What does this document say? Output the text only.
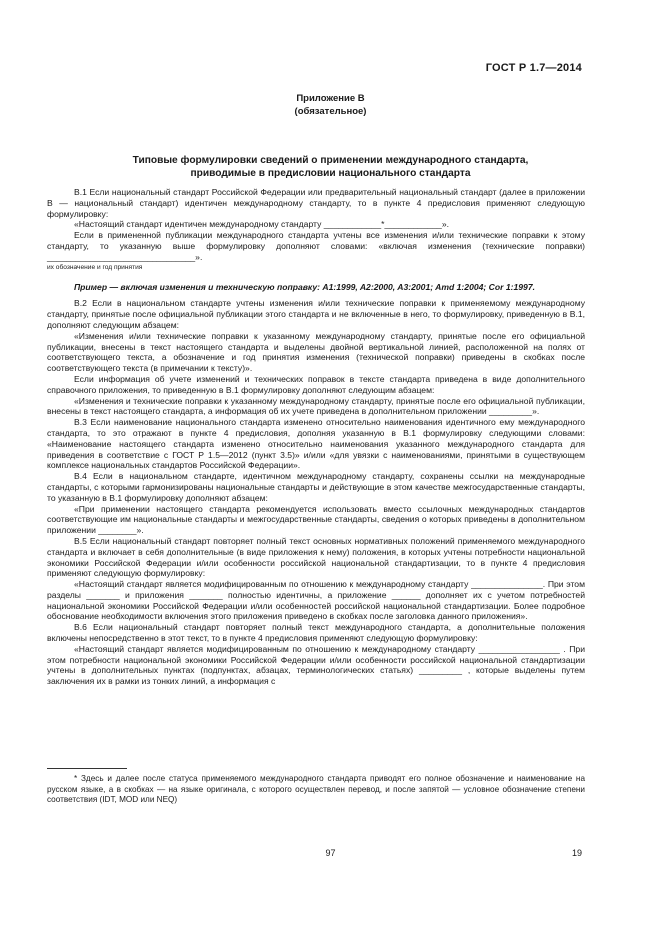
ГОСТ Р 1.7—2014
Приложение В
(обязательное)
Типовые формулировки сведений о применении международного стандарта,
приводимые в предисловии национального стандарта

В.1 Если национальный стандарт Российской Федерации или предварительный национальный стандарт (далее в приложении В — национальный стандарт) идентичен международному стандарту, то в пункте 4 предисловия применяют следующую формулировку:

«Настоящий стандарт идентичен международному стандарту ____________*____________».

Если в примененной публикации международного стандарта учтены все изменения и/или технические поправки к этому стандарту, то указанную выше формулировку дополняют словами: «включая изменения (технические поправки) _______________________________».

их обозначение и год принятия

Пример — включая изменения и техническую поправку: A1:1999, A2:2000, A3:2001; Amd 1:2004; Cor 1:1997.

В.2 Если в национальном стандарте учтены изменения и/или технические поправки к применяемому международному стандарту, принятые после официальной публикации этого стандарта и не включенные в него, то формулировку, приведенную в В.1, дополняют следующим абзацем:

«Изменения и/или технические поправки к указанному международному стандарту, принятые после его официальной публикации, внесены в текст настоящего стандарта и выделены двойной вертикальной линией, расположенной на полях от соответствующего текста, а обозначение и год принятия изменения (технической поправки) приведены в скобках после соответствующего текста (в примечании к тексту)».

Если информация об учете изменений и технических поправок в тексте стандарта приведена в виде дополнительного справочного приложения, то приведенную в В.1 формулировку дополняют следующим абзацем:

«Изменения и технические поправки к указанному международному стандарту, принятые после его официальной публикации, внесены в текст настоящего стандарта, а информация об их учете приведена в дополнительном приложении _________».

В.3 Если наименование национального стандарта изменено относительно наименования идентичного ему международного стандарта, то это отражают в пункте 4 предисловия, дополняя указанную в В.1 формулировку следующими словами: «Наименование настоящего стандарта изменено относительно наименования указанного международного стандарта для приведения в соответствие с ГОСТ Р 1.5—2012 (пункт 3.5)» и/или «для увязки с наименованиями, принятыми в существующем комплексе национальных стандартов Российской Федерации».

В.4 Если в национальном стандарте, идентичном международному стандарту, сохранены ссылки на международные стандарты, с которыми гармонизированы национальные стандарты и действующие в этом качестве межгосударственные стандарты, то указанную в В.1 формулировку дополняют абзацем:

«При применении настоящего стандарта рекомендуется использовать вместо ссылочных международных стандартов соответствующие им национальные стандарты и межгосударственные стандарты, сведения о которых приведены в дополнительном приложении ________».

В.5 Если национальный стандарт повторяет полный текст основных нормативных положений применяемого международного стандарта и включает в себя дополнительные (в виде приложения к нему) положения, в которых учтены потребности национальной экономики Российской Федерации и/или особенности российской национальной стандартизации, то в пункте 4 предисловия применяют следующую формулировку:

«Настоящий стандарт является модифицированным по отношению к международному стандарту _______________. При этом разделы _______ и приложения _______ полностью идентичны, а приложение ______ дополняет их с учетом потребностей национальной экономики Российской Федерации и/или особенностей российской национальной стандартизации. Более подробное обоснование необходимости включения этого приложения приведено в скобках после заголовка данного приложения».

В.6 Если национальный стандарт повторяет полный текст международного стандарта, а дополнительные положения включены непосредственно в этот текст, то в пункте 4 предисловия применяют следующую формулировку:

«Настоящий стандарт является модифицированным по отношению к международному стандарту _________________ . При этом потребности национальной экономики Российской Федерации и/или особенности российской национальной стандартизации учтены в дополнительных пунктах (подпунктах, абзацах, терминологических статьях) _________ , которые выделены путем заключения их в рамки из тонких линий, а информация с

* Здесь и далее после статуса применяемого международного стандарта приводят его полное обозначение и наименование на русском языке, а в скобках — на языке оригинала, с которого осуществлен перевод, и после запятой — условное обозначение степени соответствия (IDT, MOD или NEQ)

97	19
